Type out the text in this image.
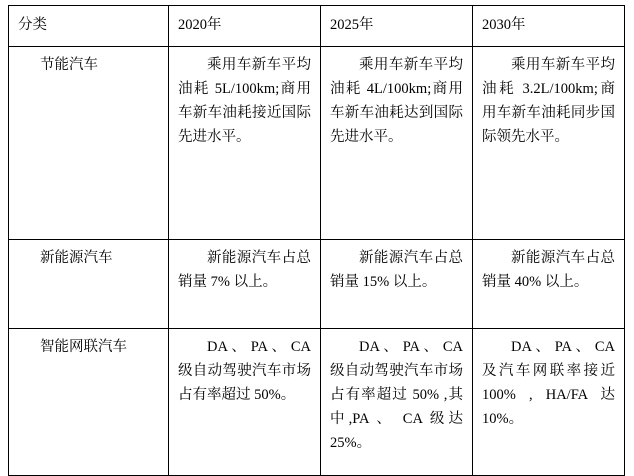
分类	2020年	2025年	2030年

节能汽车	乘用车新车平均油耗 5L/100km;商用车新车油耗接近国际先进水平。	乘用车新车平均油耗 4L/100km;商用车新车油耗达到国际先进水平。	乘用车新车平均油耗 3.2L/100km;商用车新车油耗同步国际领先水平。

新能源汽车	新能源汽车占总销量 7% 以上。	新能源汽车占总销量 15% 以上。	新能源汽车占总销量 40% 以上。

智能网联汽车	DA 、 PA 、 CA 级自动驾驶汽车市场占有率超过 50%。	DA 、 PA 、 CA 级自动驾驶汽车市场占有率超过 50% ,其中,PA 、 CA 级达25%。	DA 、 PA 、 CA 及汽车网联率接近 100% , HA/FA 达10%。
